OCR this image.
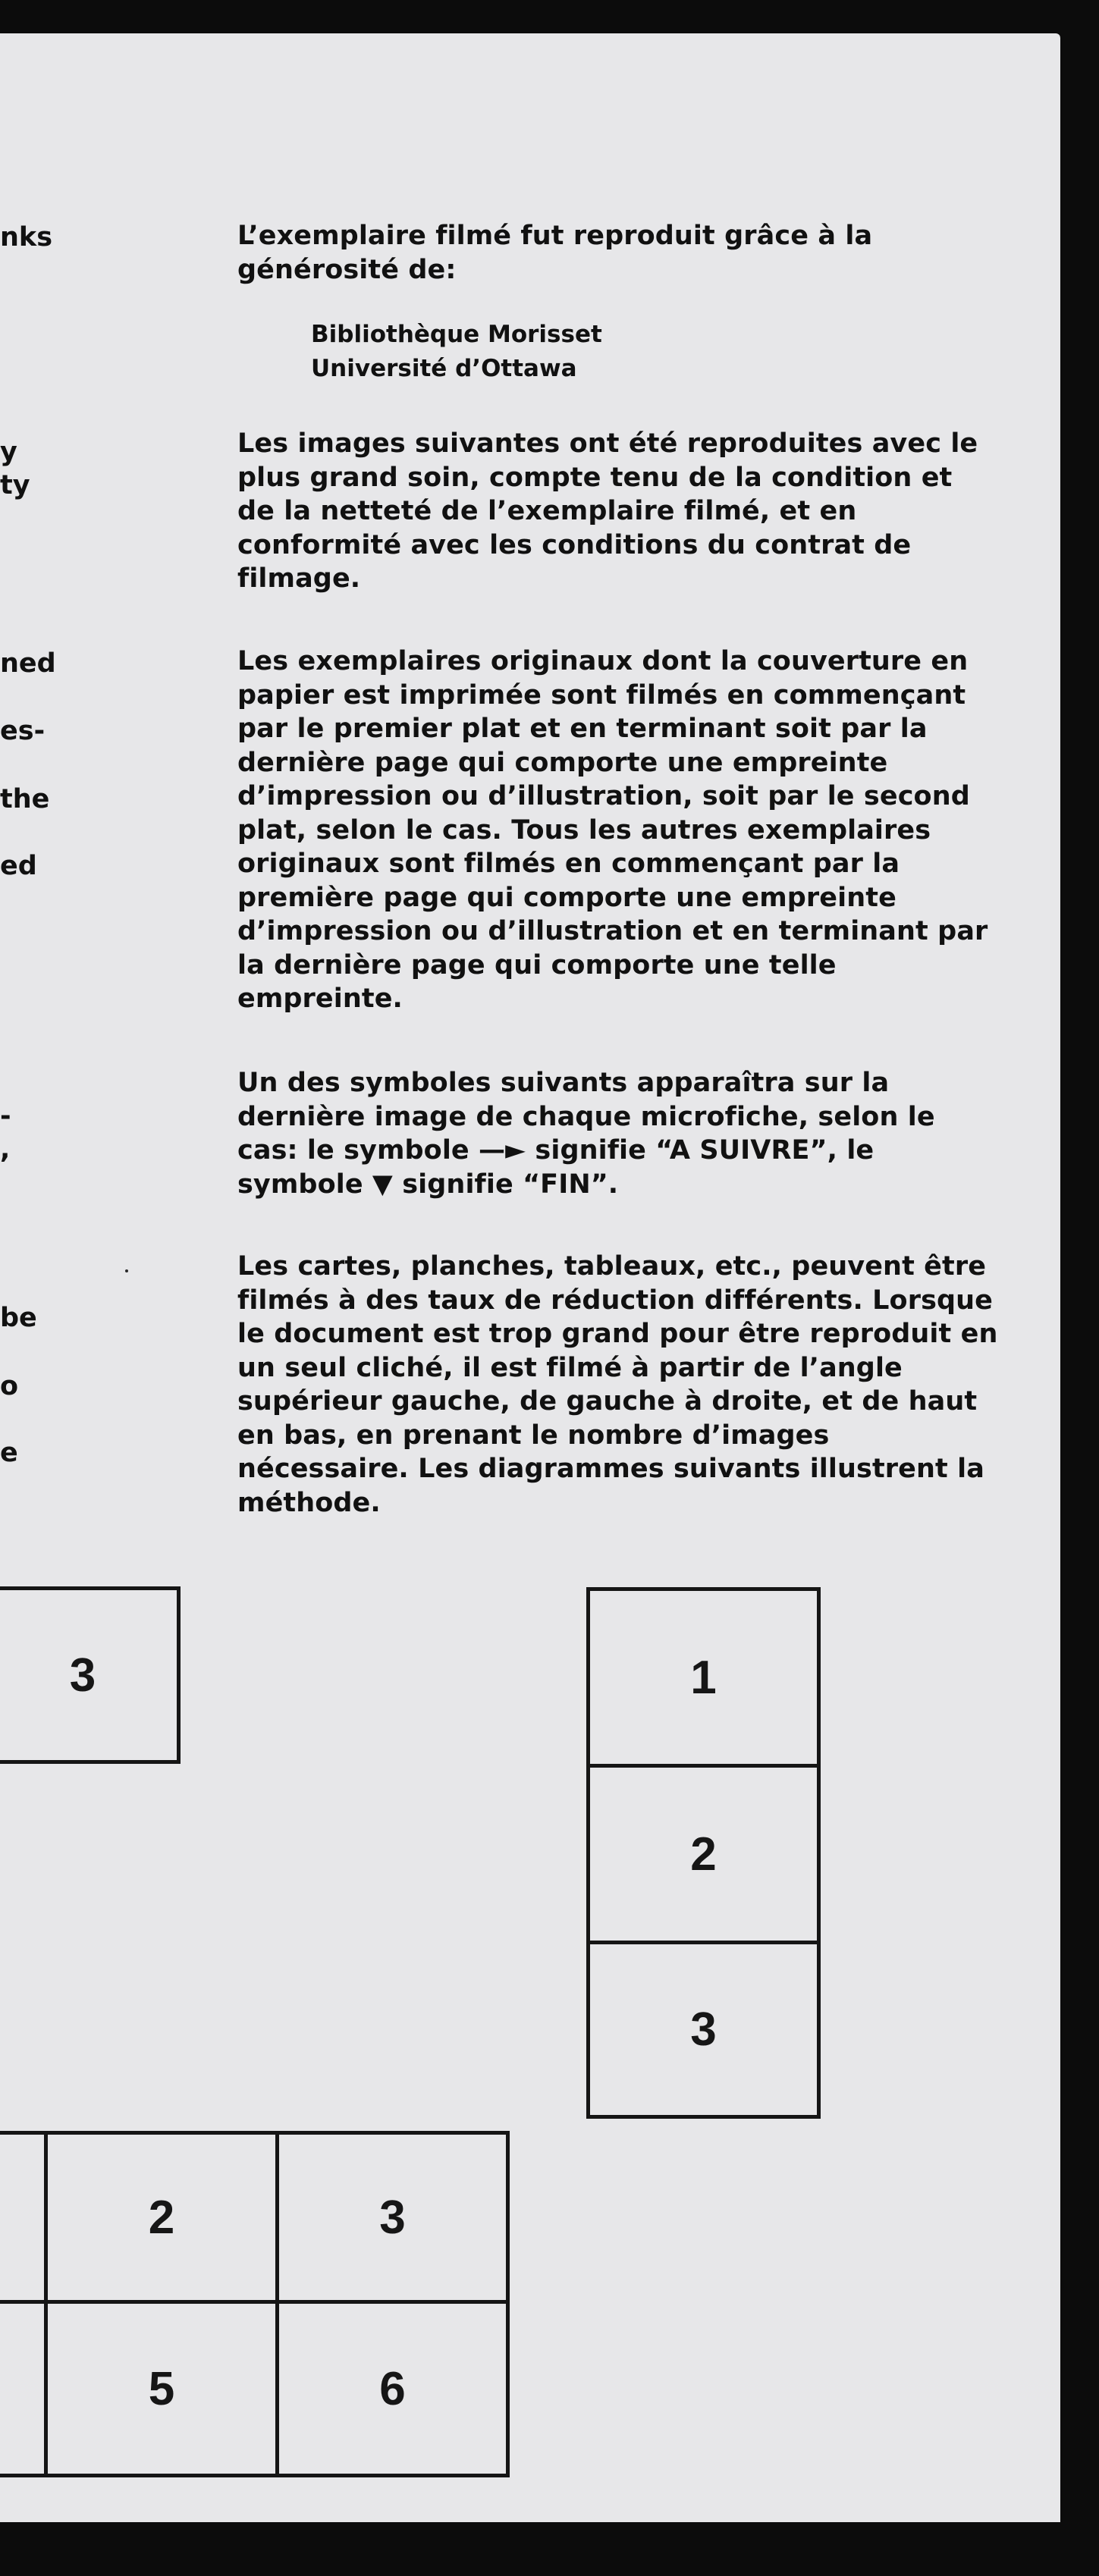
nks
y
ty
ned
es-
the
ed
-
,
be
o
e

L’exemplaire filmé fut reproduit grâce à la générosité de:

Bibliothèque Morisset
Université d’Ottawa

Les images suivantes ont été reproduites avec le plus grand soin, compte tenu de la condition et de la netteté de l’exemplaire filmé, et en conformité avec les conditions du contrat de filmage.

Les exemplaires originaux dont la couverture en papier est imprimée sont filmés en commençant par le premier plat et en terminant soit par la dernière page qui comporte une empreinte d’impression ou d’illustration, soit par le second plat, selon le cas. Tous les autres exemplaires originaux sont filmés en commençant par la première page qui comporte une empreinte d’impression ou d’illustration et en terminant par la dernière page qui comporte une telle empreinte.

Un des symboles suivants apparaîtra sur la dernière image de chaque microfiche, selon le cas: le symbole —► signifie “A SUIVRE”, le symbole ▼ signifie “FIN”.

Les cartes, planches, tableaux, etc., peuvent être filmés à des taux de réduction différents. Lorsque le document est trop grand pour être reproduit en un seul cliché, il est filmé à partir de l’angle supérieur gauche, de gauche à droite, et de haut en bas, en prenant le nombre d’images nécessaire. Les diagrammes suivants illustrent la méthode.

3	1
2
3
2	3
5	6
